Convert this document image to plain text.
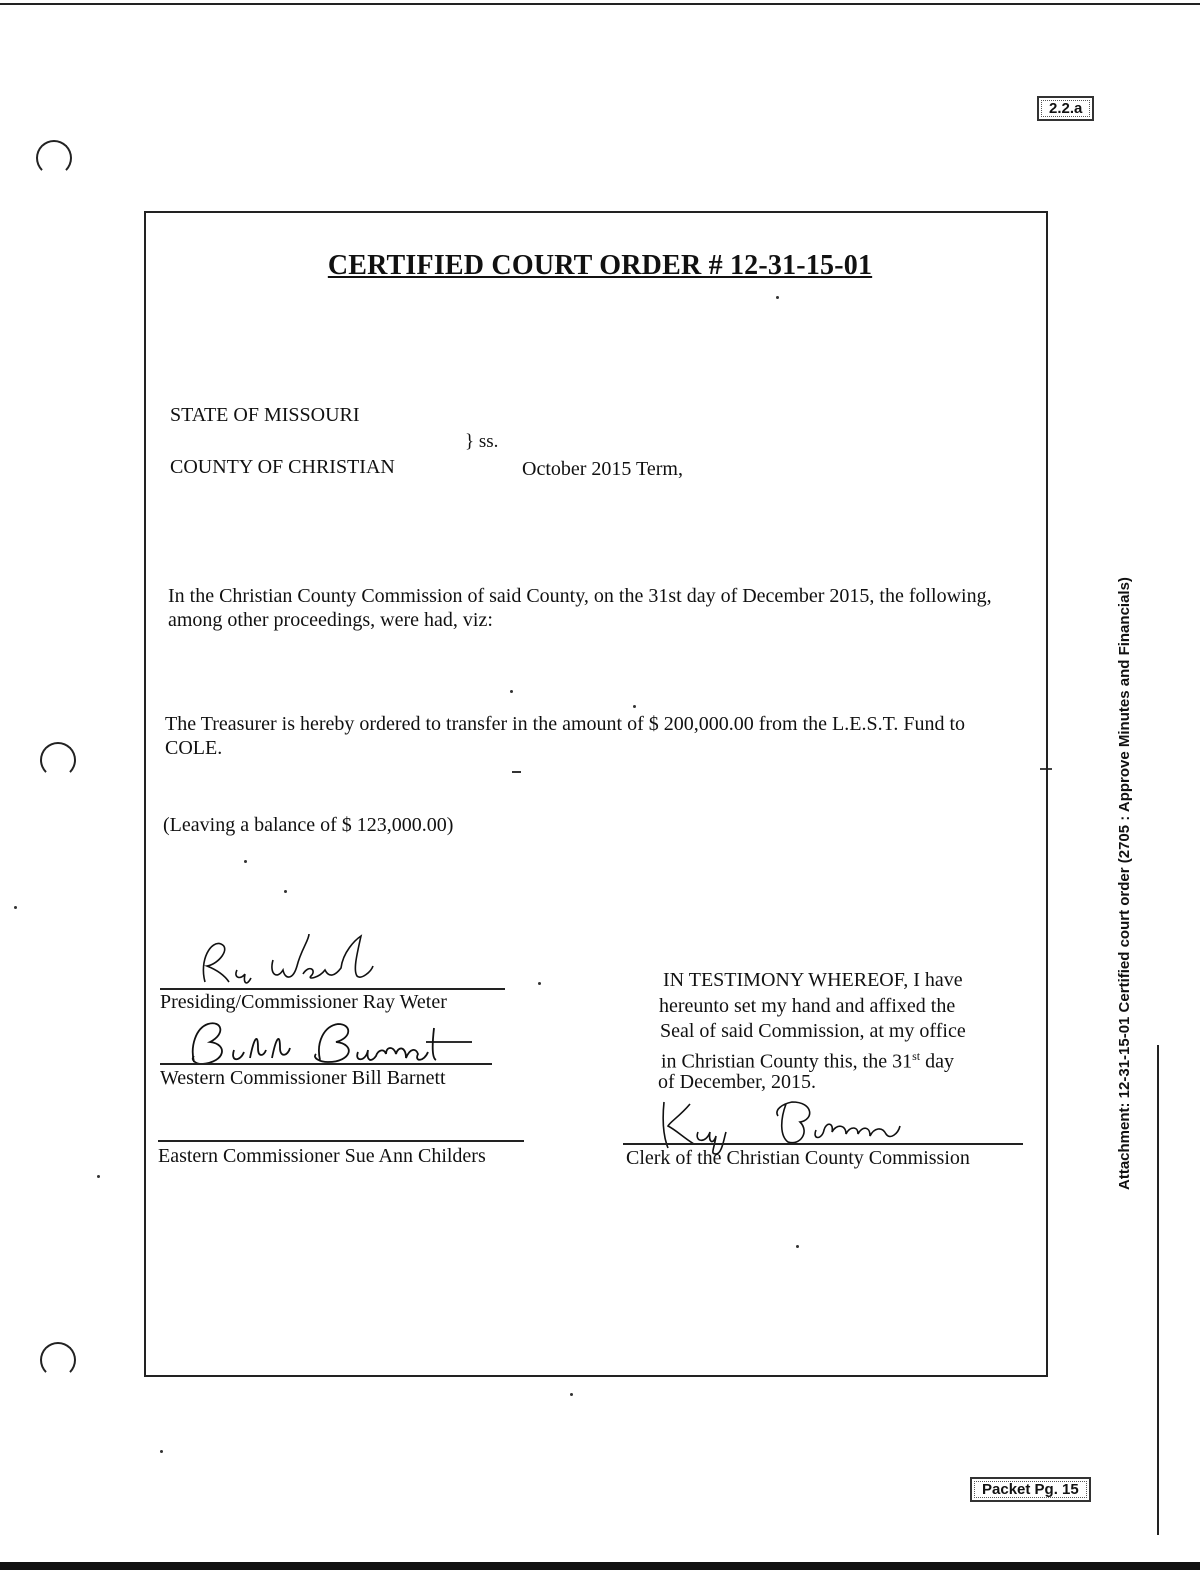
2.2.a
Packet Pg. 15
Attachment: 12-31-15-01 Certified court order (2705 : Approve Minutes and Financials)
CERTIFIED COURT ORDER # 12-31-15-01
STATE OF MISSOURI
} ss.
COUNTY OF CHRISTIAN	October 2015 Term,
In the Christian County Commission of said County, on the 31st day of December 2015, the following, among other proceedings, were had, viz:
The Treasurer is hereby ordered to transfer in the amount of $ 200,000.00 from the L.E.S.T. Fund to COLE.
(Leaving a balance of $ 123,000.00)
Presiding/Commissioner Ray Weter
Western Commissioner Bill Barnett
Eastern Commissioner Sue Ann Childers
IN TESTIMONY WHEREOF, I have
hereunto set my hand and affixed the
Seal of said Commission, at my office
in Christian County this, the 31st day
of December, 2015.
Clerk of the Christian County Commission
